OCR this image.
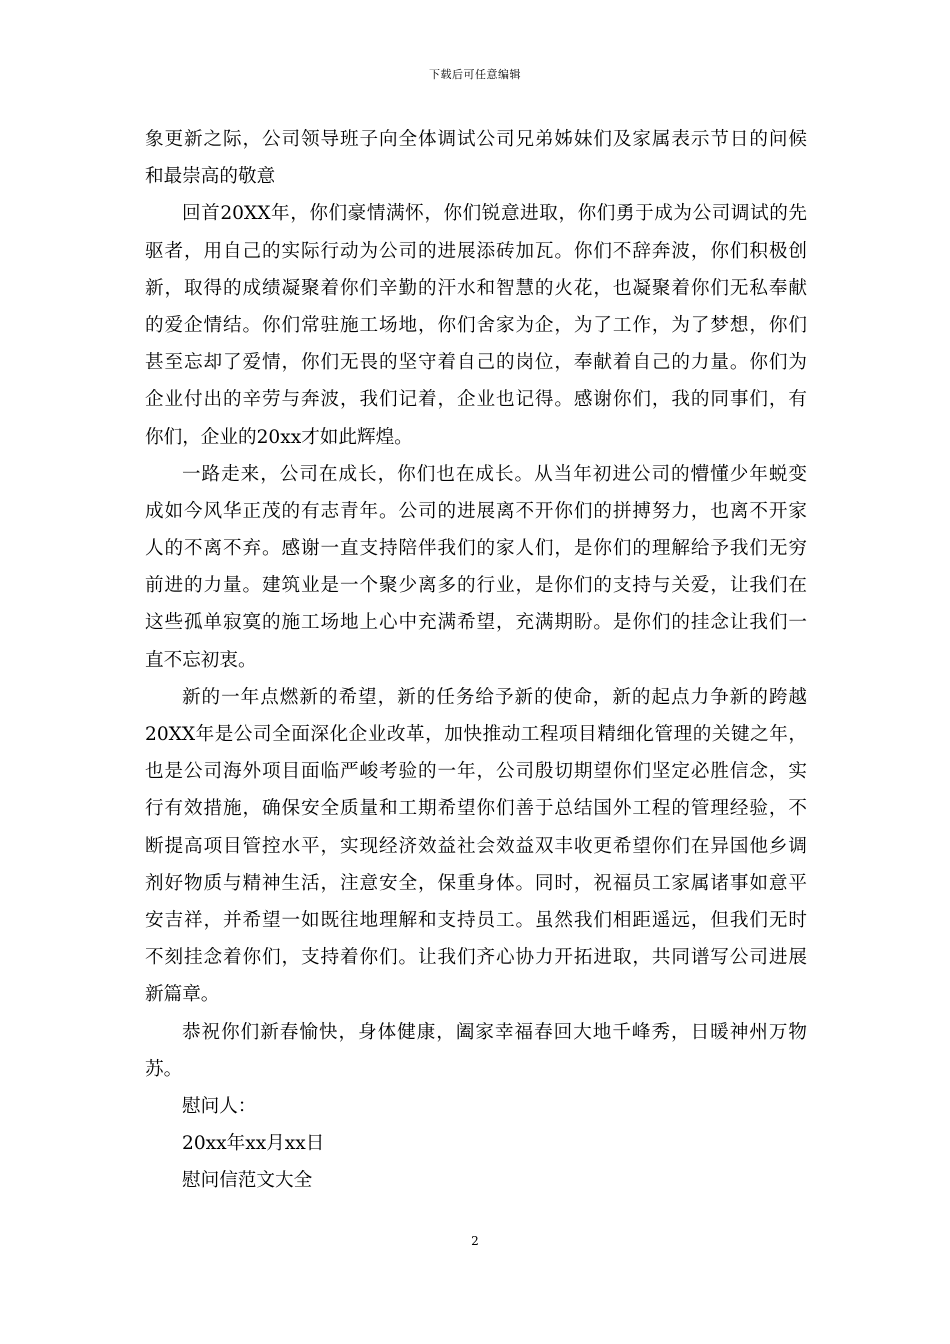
下载后可任意编辑
象更新之际，公司领导班子向全体调试公司兄弟姊妹们及家属表示节日的问候
和最崇高的敬意
回首20XX年，你们豪情满怀，你们锐意进取，你们勇于成为公司调试的先
驱者，用自己的实际行动为公司的进展添砖加瓦。你们不辞奔波，你们积极创
新，取得的成绩凝聚着你们辛勤的汗水和智慧的火花，也凝聚着你们无私奉献
的爱企情结。你们常驻施工场地，你们舍家为企，为了工作，为了梦想，你们
甚至忘却了爱情，你们无畏的坚守着自己的岗位，奉献着自己的力量。你们为
企业付出的辛劳与奔波，我们记着，企业也记得。感谢你们，我的同事们，有
你们，企业的20xx才如此辉煌。
一路走来，公司在成长，你们也在成长。从当年初进公司的懵懂少年蜕变
成如今风华正茂的有志青年。公司的进展离不开你们的拼搏努力，也离不开家
人的不离不弃。感谢一直支持陪伴我们的家人们，是你们的理解给予我们无穷
前进的力量。建筑业是一个聚少离多的行业，是你们的支持与关爱，让我们在
这些孤单寂寞的施工场地上心中充满希望，充满期盼。是你们的挂念让我们一
直不忘初衷。
新的一年点燃新的希望，新的任务给予新的使命，新的起点力争新的跨越
20XX年是公司全面深化企业改革，加快推动工程项目精细化管理的关键之年，
也是公司海外项目面临严峻考验的一年，公司殷切期望你们坚定必胜信念，实
行有效措施，确保安全质量和工期希望你们善于总结国外工程的管理经验，不
断提高项目管控水平，实现经济效益社会效益双丰收更希望你们在异国他乡调
剂好物质与精神生活，注意安全，保重身体。同时，祝福员工家属诸事如意平
安吉祥，并希望一如既往地理解和支持员工。虽然我们相距遥远，但我们无时
不刻挂念着你们，支持着你们。让我们齐心协力开拓进取，共同谱写公司进展
新篇章。
恭祝你们新春愉快，身体健康，阖家幸福春回大地千峰秀，日暖神州万物
苏。
慰问人：
20xx年xx月xx日
慰问信范文大全
2
